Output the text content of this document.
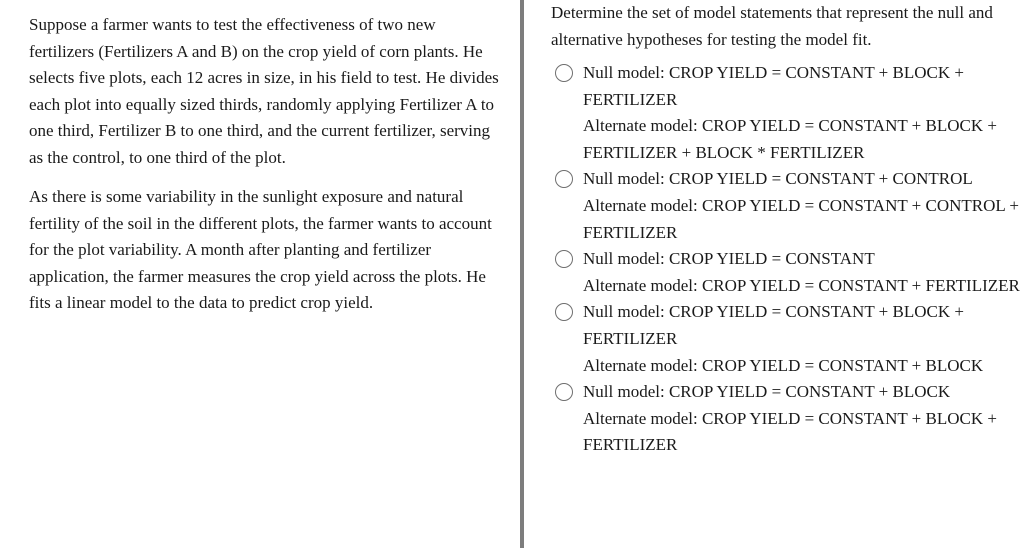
Suppose a farmer wants to test the effectiveness of two new fertilizers (Fertilizers A and B) on the crop yield of corn plants. He selects five plots, each 12 acres in size, in his field to test. He divides each plot into equally sized thirds, randomly applying Fertilizer A to one third, Fertilizer B to one third, and the current fertilizer, serving as the control, to one third of the plot.

As there is some variability in the sunlight exposure and natural fertility of the soil in the different plots, the farmer wants to account for the plot variability. A month after planting and fertilizer application, the farmer measures the crop yield across the plots. He fits a linear model to the data to predict crop yield.

Determine the set of model statements that represent the null and alternative hypotheses for testing the model fit.

Null model: CROP YIELD = CONSTANT + BLOCK + FERTILIZER
Alternate model: CROP YIELD = CONSTANT + BLOCK + FERTILIZER + BLOCK * FERTILIZER
Null model: CROP YIELD = CONSTANT + CONTROL
Alternate model: CROP YIELD = CONSTANT + CONTROL + FERTILIZER
Null model: CROP YIELD = CONSTANT
Alternate model: CROP YIELD = CONSTANT + FERTILIZER
Null model: CROP YIELD = CONSTANT + BLOCK + FERTILIZER
Alternate model: CROP YIELD = CONSTANT + BLOCK
Null model: CROP YIELD = CONSTANT + BLOCK
Alternate model: CROP YIELD = CONSTANT + BLOCK + FERTILIZER
